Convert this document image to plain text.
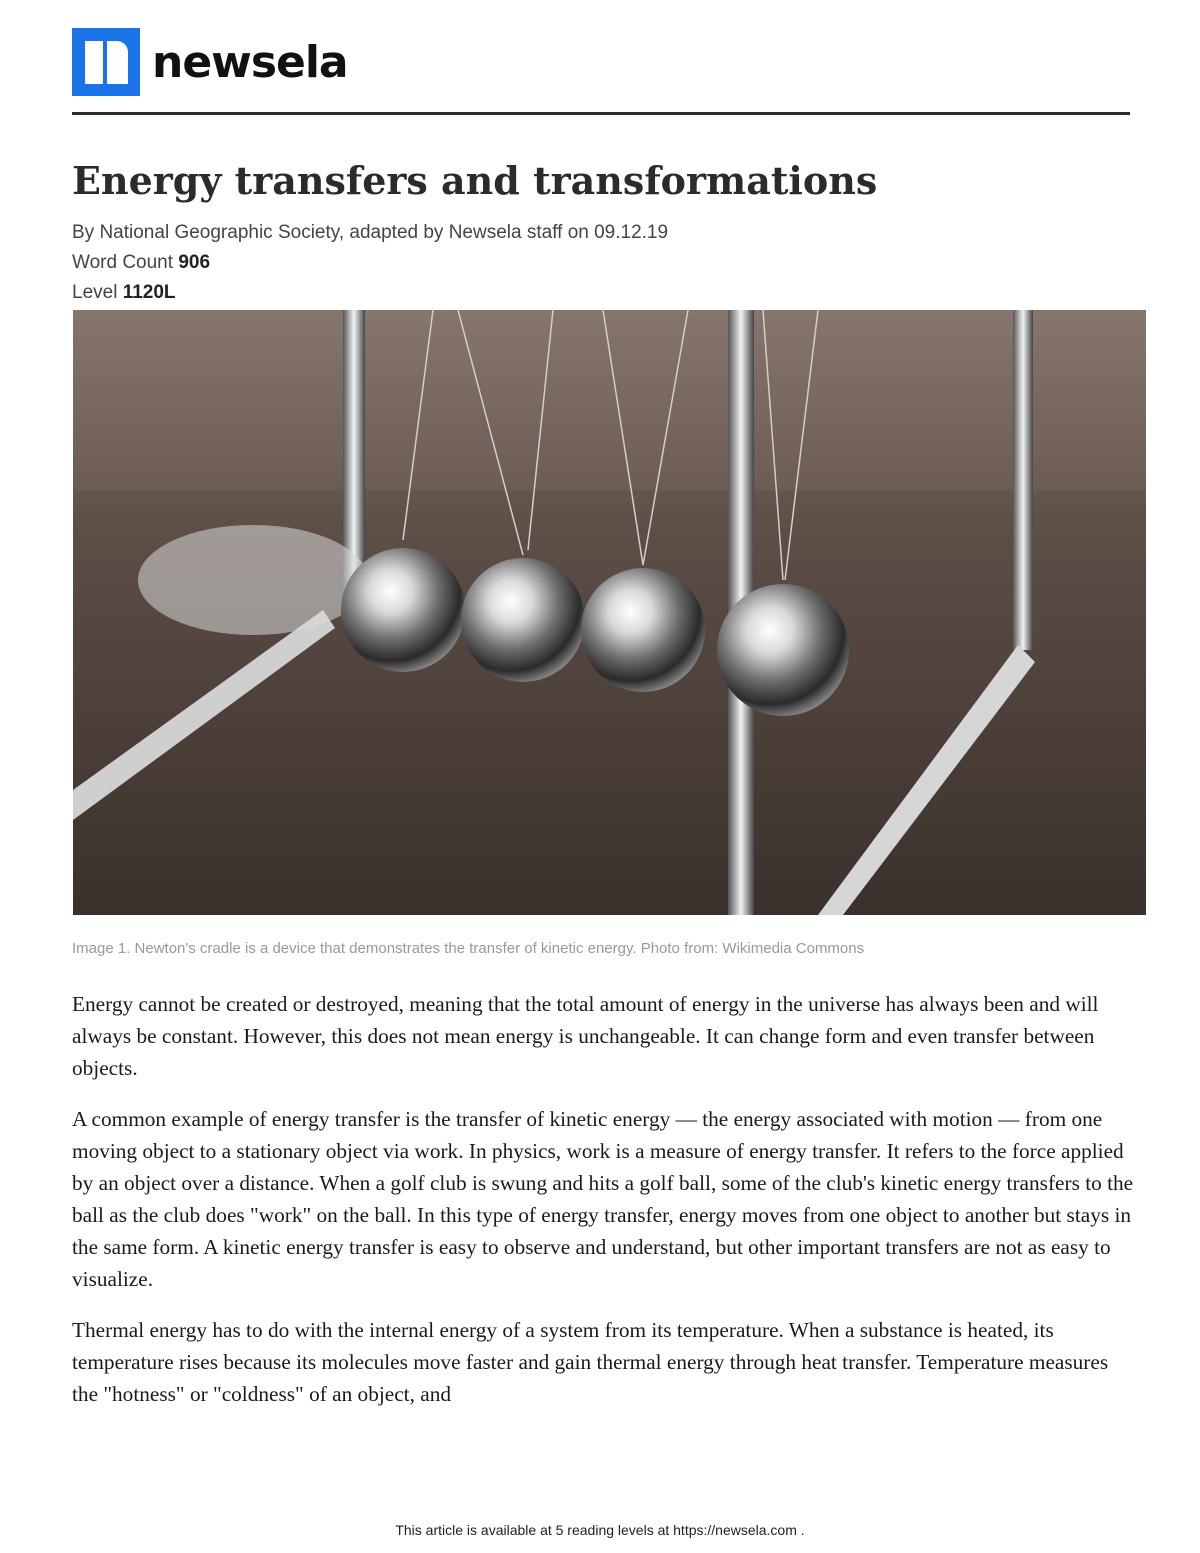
newsela
Energy transfers and transformations
By National Geographic Society, adapted by Newsela staff on 09.12.19
Word Count 906
Level 1120L
Image 1. Newton's cradle is a device that demonstrates the transfer of kinetic energy. Photo from: Wikimedia Commons

Energy cannot be created or destroyed, meaning that the total amount of energy in the universe has always been and will always be constant. However, this does not mean energy is unchangeable. It can change form and even transfer between objects.

A common example of energy transfer is the transfer of kinetic energy — the energy associated with motion — from one moving object to a stationary object via work. In physics, work is a measure of energy transfer. It refers to the force applied by an object over a distance. When a golf club is swung and hits a golf ball, some of the club's kinetic energy transfers to the ball as the club does "work" on the ball. In this type of energy transfer, energy moves from one object to another but stays in the same form. A kinetic energy transfer is easy to observe and understand, but other important transfers are not as easy to visualize.

Thermal energy has to do with the internal energy of a system from its temperature. When a substance is heated, its temperature rises because its molecules move faster and gain thermal energy through heat transfer. Temperature measures the "hotness" or "coldness" of an object, and

This article is available at 5 reading levels at https://newsela.com .
